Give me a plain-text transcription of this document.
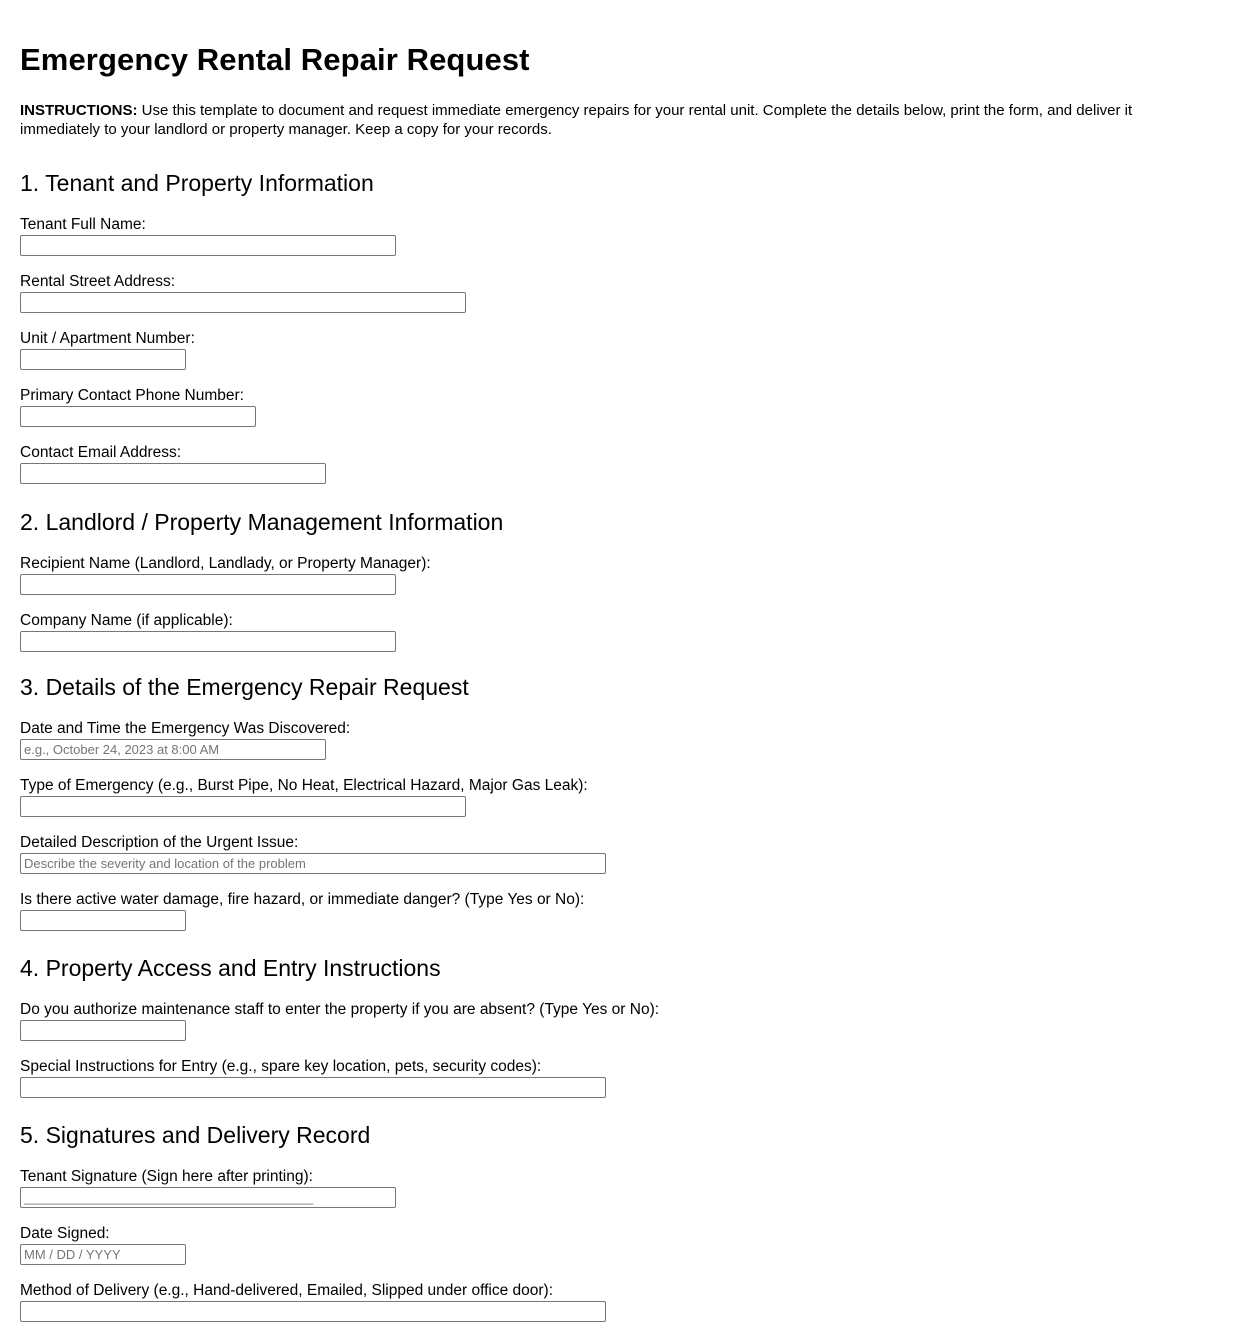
Emergency Rental Repair Request

INSTRUCTIONS: Use this template to document and request immediate emergency repairs for your rental unit. Complete the details below, print the form, and deliver it immediately to your landlord or property manager. Keep a copy for your records.

1. Tenant and Property Information
Tenant Full Name:
Rental Street Address:
Unit / Apartment Number:
Primary Contact Phone Number:
Contact Email Address:
2. Landlord / Property Management Information
Recipient Name (Landlord, Landlady, or Property Manager):
Company Name (if applicable):
3. Details of the Emergency Repair Request
Date and Time the Emergency Was Discovered:
e.g., October 24, 2023 at 8:00 AM
Type of Emergency (e.g., Burst Pipe, No Heat, Electrical Hazard, Major Gas Leak):
Detailed Description of the Urgent Issue:
Describe the severity and location of the problem
Is there active water damage, fire hazard, or immediate danger? (Type Yes or No):
4. Property Access and Entry Instructions
Do you authorize maintenance staff to enter the property if you are absent? (Type Yes or No):
Special Instructions for Entry (e.g., spare key location, pets, security codes):
5. Signatures and Delivery Record
Tenant Signature (Sign here after printing):
________________________________________
Date Signed:
MM / DD / YYYY
Method of Delivery (e.g., Hand-delivered, Emailed, Slipped under office door):
